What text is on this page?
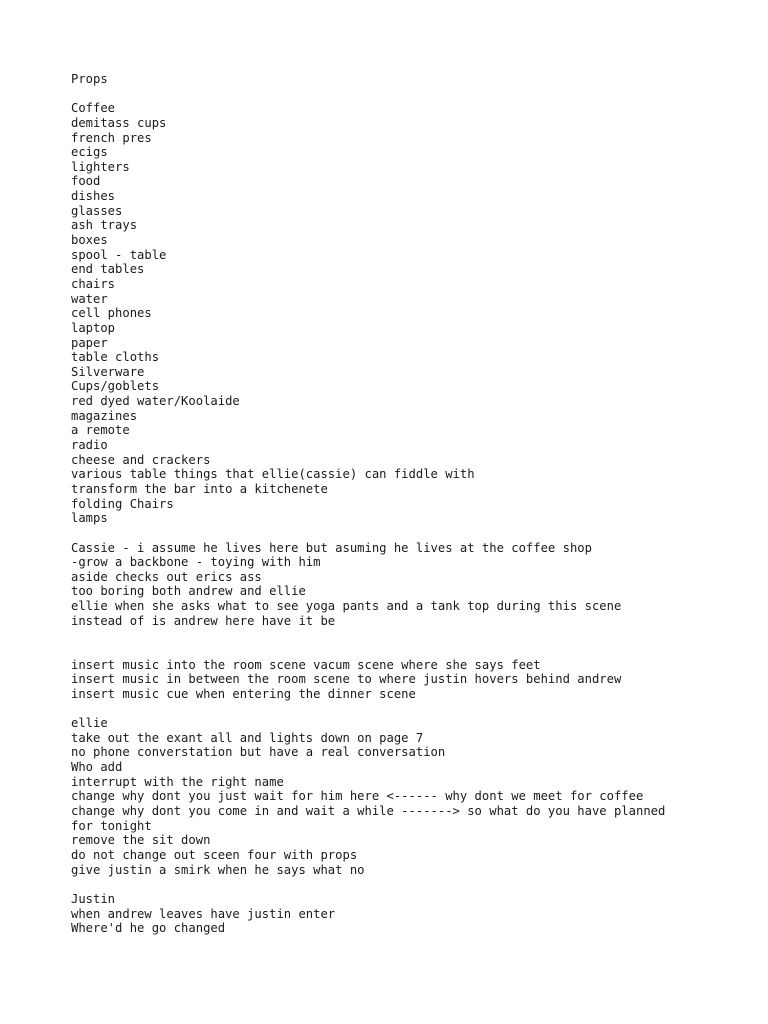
Props
Coffee
demitass cups
french pres
ecigs
lighters
food
dishes
glasses
ash trays
boxes
spool - table
end tables
chairs
water
cell phones
laptop
paper
table cloths
Silverware
Cups/goblets
red dyed water/Koolaide
magazines
a remote
radio
cheese and crackers
various table things that ellie(cassie) can fiddle with
transform the bar into a kitchenete
folding Chairs
lamps
Cassie - i assume he lives here but asuming he lives at the coffee shop
-grow a backbone - toying with him
aside checks out erics ass
too boring both andrew and ellie
ellie when she asks what to see yoga pants and a tank top during this scene
instead of is andrew here have it be
insert music into the room scene vacum scene where she says feet
insert music in between the room scene to where justin hovers behind andrew
insert music cue when entering the dinner scene
ellie
take out the exant all and lights down on page 7
no phone converstation but have a real conversation
Who add
interrupt with the right name
change why dont you just wait for him here <------ why dont we meet for coffee
change why dont you come in and wait a while -------> so what do you have planned
for tonight
remove the sit down
do not change out sceen four with props
give justin a smirk when he says what no
Justin
when andrew leaves have justin enter
Where'd he go changed
